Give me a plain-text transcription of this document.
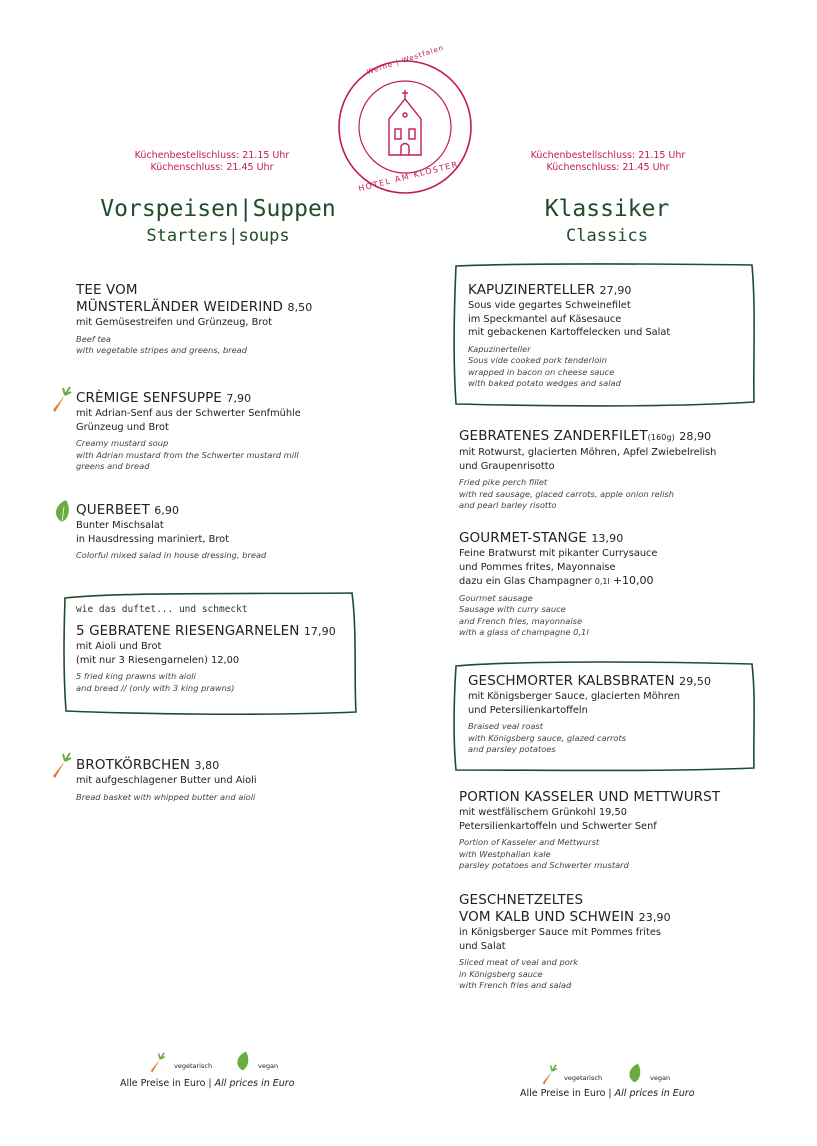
Werne | Westfalen
HOTEL AM KLOSTER
Küchenbestellschluss: 21.15 Uhr
Küchenschluss: 21.45 Uhr
Küchenbestellschluss: 21.15 Uhr
Küchenschluss: 21.45 Uhr
Vorspeisen|Suppen
Starters|soups
Klassiker
Classics
TEE VOM
MÜNSTERLÄNDER WEIDERIND 8,50
mit Gemüsestreifen und Grünzeug, Brot
Beef tea
with vegetable stripes and greens, bread
CRÈMIGE SENFSUPPE 7,90
mit Adrian-Senf aus der Schwerter Senfmühle
Grünzeug und Brot
Creamy mustard soup
with Adrian mustard from the Schwerter mustard mill
greens and bread
QUERBEET 6,90
Bunter Mischsalat
in Hausdressing mariniert, Brot
Colorful mixed salad in house dressing, bread
wie das duftet... und schmeckt
5 GEBRATENE RIESENGARNELEN 17,90
mit Aioli und Brot
(mit nur 3 Riesengarnelen) 12,00
5 fried king prawns with aioli
and bread // (only with 3 king prawns)
BROTKÖRBCHEN 3,80
mit aufgeschlagener Butter und Aioli
Bread basket with whipped butter and aioli
KAPUZINERTELLER 27,90
Sous vide gegartes Schweinefilet
im Speckmantel auf Käsesauce
mit gebackenen Kartoffelecken und Salat
Kapuzinerteller
Sous vide cooked pork tenderloin
wrapped in bacon on cheese sauce
with baked potato wedges and salad
GEBRATENES ZANDERFILET(160g) 28,90
mit Rotwurst, glacierten Möhren, Apfel Zwiebelrelish
und Graupenrisotto
Fried pike perch fillet
with red sausage, glaced carrots, apple onion relish
and pearl barley risotto
GOURMET-STANGE 13,90
Feine Bratwurst mit pikanter Currysauce
und Pommes frites, Mayonnaise
dazu ein Glas Champagner 0,1l +10,00
Gourmet sausage
Sausage with curry sauce
and French fries, mayonnaise
with a glass of champagne 0,1l
GESCHMORTER KALBSBRATEN 29,50
mit Königsberger Sauce, glacierten Möhren
und Petersilienkartoffeln
Braised veal roast
with Königsberg sauce, glazed carrots
and parsley potatoes
PORTION KASSELER UND METTWURST
mit westfälischem Grünkohl 19,50
Petersilienkartoffeln und Schwerter Senf
Portion of Kasseler and Mettwurst
with Westphalian kale
parsley potatoes and Schwerter mustard
GESCHNETZELTES
VOM KALB UND SCHWEIN 23,90
in Königsberger Sauce mit Pommes frites
und Salat
Sliced meat of veal and pork
in Königsberg sauce
with French fries and salad
vegetarisch	vegan
Alle Preise in Euro | All prices in Euro	vegetarisch	vegan
Alle Preise in Euro | All prices in Euro
